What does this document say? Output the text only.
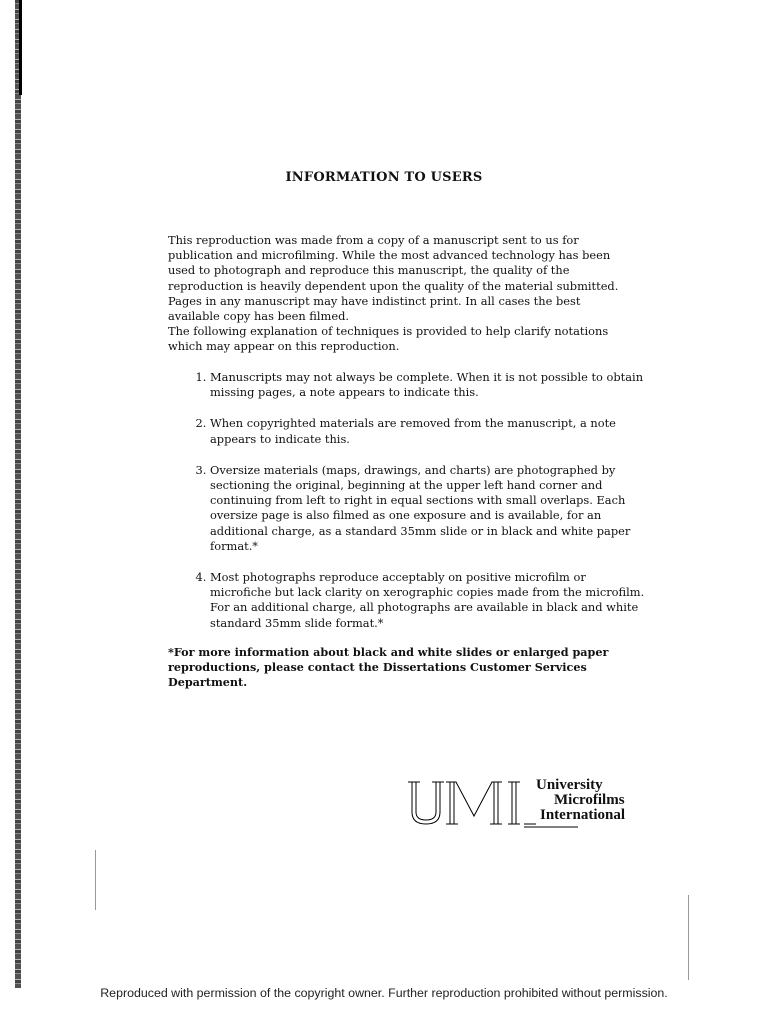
INFORMATION TO USERS
This reproduction was made from a copy of a manuscript sent to us for publication and microfilming. While the most advanced technology has been used to photograph and reproduce this manuscript, the quality of the reproduction is heavily dependent upon the quality of the material submitted. Pages in any manuscript may have indistinct print. In all cases the best available copy has been filmed.
The following explanation of techniques is provided to help clarify notations which may appear on this reproduction.
1. Manuscripts may not always be complete. When it is not possible to obtain missing pages, a note appears to indicate this.
2. When copyrighted materials are removed from the manuscript, a note appears to indicate this.
3. Oversize materials (maps, drawings, and charts) are photographed by sectioning the original, beginning at the upper left hand corner and continuing from left to right in equal sections with small overlaps. Each oversize page is also filmed as one exposure and is available, for an additional charge, as a standard 35mm slide or in black and white paper format.*
4. Most photographs reproduce acceptably on positive microfilm or microfiche but lack clarity on xerographic copies made from the microfilm. For an additional charge, all photographs are available in black and white standard 35mm slide format.*
*For more information about black and white slides or enlarged paper reproductions, please contact the Dissertations Customer Services Department.
University
Microfilms
International
Reproduced with permission of the copyright owner. Further reproduction prohibited without permission.
